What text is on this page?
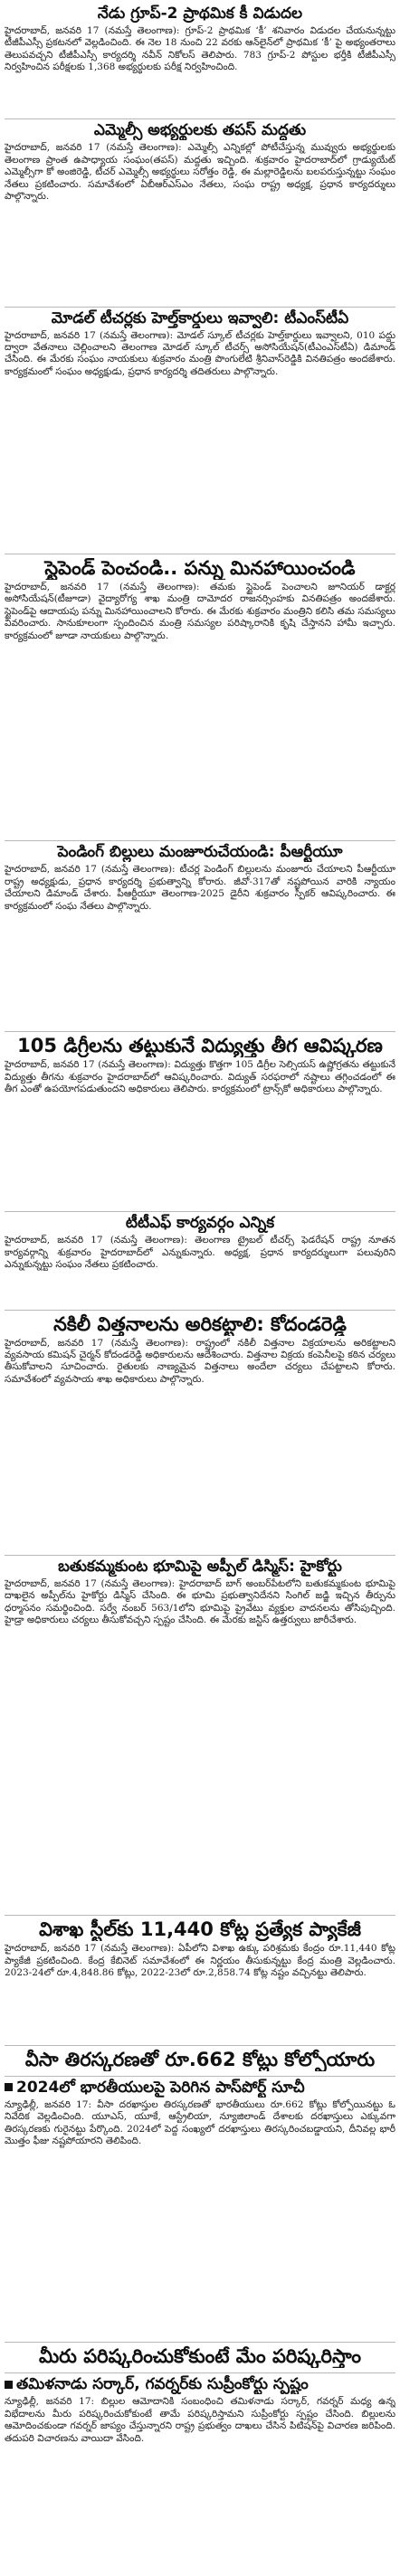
నేడు గ్రూప్‌-2 ప్రాథమిక కీ విడుదల

హైదరాబాద్‌, జనవరి 17 (నమస్తే తెలంగాణ): గ్రూప్‌-2 ప్రాథమిక ‘కీ’ శనివారం విడుదల చేయనున్నట్టు టీజీపీఎస్సీ ప్రకటనలో వెల్లడించింది. ఈ నెల 18 నుంచి 22 వరకు ఆన్‌లైన్‌లో ప్రాథమిక ‘కీ’ పై అభ్యంతరాలు తెలుపవచ్చని టీజీపీఎస్సీ కార్యదర్శి నవీన్‌ నికోలస్‌ తెలిపారు. 783 గ్రూప్‌-2 పోస్టుల భర్తీకి టీజీపీఎస్సీ నిర్వహించిన పరీక్షలకు 1,368 అభ్యర్థులకు పరీక్ష నిర్వహించింది.

ఎమ్మెల్సీ అభ్యర్థులకు తపస్‌ మద్దతు

హైదరాబాద్‌, జనవరి 17 (నమస్తే తెలంగాణ): ఎమ్మెల్సీ ఎన్నికల్లో పోటీచేస్తున్న మువ్వురు అభ్యర్థులకు తెలంగాణ ప్రాంత ఉపాధ్యాయ సంఘం(తపస్‌) మద్దతు ఇచ్చింది. శుక్రవారం హైదరాబాద్‌లో గ్రాడ్యుయేట్‌ ఎమ్మెల్సీగా కో అంజిరెడ్డి, టీచర్‌ ఎమ్మెల్సీ అభ్యర్థులు సరోత్తం రెడ్డి, ఈ మల్లారెడ్డిలను బలపరుస్తున్నట్టు సంఘం నేతలు ప్రకటించారు. సమావేశంలో ఏబీఆర్‌ఎస్‌ఎం నేతలు, సంఘ రాష్ట్ర అధ్యక్ష, ప్రధాన కార్యదర్శులు పాల్గొన్నారు.

మోడల్‌ టీచర్లకు హెల్త్‌కార్డులు ఇవ్వాలి: టీఎంస్‌టీఏ

హైదరాబాద్‌, జనవరి 17 (నమస్తే తెలంగాణ): మోడల్‌ స్కూల్‌ టీచర్లకు హెల్త్‌కార్డులు ఇవ్వాలని, 010 పద్దు ద్వారా వేతనాలు చెల్లించాలని తెలంగాణ మోడల్‌ స్కూల్‌ టీచర్స్‌ అసోసియేషన్‌(టీఎంఎస్‌టీఏ) డిమాండ్‌ చేసింది. ఈ మేరకు సంఘం నాయకులు శుక్రవారం మంత్రి పొంగులేటి శ్రీనివాస్‌రెడ్డికి వినతిపత్రం అందజేశారు. కార్యక్రమంలో సంఘం అధ్యక్షుడు, ప్రధాన కార్యదర్శి తదితరులు పాల్గొన్నారు.

స్టైపెండ్‌ పెంచండి.. పన్ను మినహాయించండి

హైదరాబాద్‌, జనవరి 17 (నమస్తే తెలంగాణ): తమకు స్టైపెండ్‌ పెంచాలని జూనియర్‌ డాక్టర్ల అసోసియేషన్‌(టీజూడా) వైద్యారోగ్య శాఖ మంత్రి దామోదర రాజనర్సింహకు వినతిపత్రం అందజేశారు. స్టైపెండ్‌పై ఆదాయపు పన్ను మినహాయించాలని కోరారు. ఈ మేరకు శుక్రవారం మంత్రిని కలిసి తమ సమస్యలు వివరించారు. సానుకూలంగా స్పందించిన మంత్రి సమస్యల పరిష్కారానికి కృషి చేస్తానని హామీ ఇచ్చారు. కార్యక్రమంలో జూడా నాయకులు పాల్గొన్నారు.

పెండింగ్‌ బిల్లులు మంజూరుచేయండి: పీఆర్టీయూ

హైదరాబాద్‌, జనవరి 17 (నమస్తే తెలంగాణ): టీచర్ల పెండింగ్‌ బిల్లులను మంజూరు చేయాలని పీఆర్టీయూ రాష్ట్ర అధ్యక్షుడు, ప్రధాన కార్యదర్శి ప్రభుత్వాన్ని కోరారు. జీవో-317తో నష్టపోయిన వారికి న్యాయం చేయాలని డిమాండ్‌ చేశారు. పీఆర్టీయూ తెలంగాణ-2025 డైరీని శుక్రవారం స్పీకర్‌ ఆవిష్కరించారు. ఈ కార్యక్రమంలో సంఘ నేతలు పాల్గొన్నారు.

105 డిగ్రీలను తట్టుకునే విద్యుత్తు తీగ ఆవిష్కరణ

హైదరాబాద్‌, జనవరి 17 (నమస్తే తెలంగాణ): విద్యుత్తు కొత్తగా 105 డిగ్రీల సెల్సియస్‌ ఉష్ణోగ్రతను తట్టుకునే విద్యుత్తు తీగను శుక్రవారం హైదరాబాద్‌లో ఆవిష్కరించారు. విద్యుత్‌ సరఫరాలో నష్టాలు తగ్గించడంలో ఈ తీగ ఎంతో ఉపయోగపడుతుందని అధికారులు తెలిపారు. కార్యక్రమంలో ట్రాన్స్‌కో అధికారులు పాల్గొన్నారు.

టీటీఎఫ్‌ కార్యవర్గం ఎన్నిక

హైదరాబాద్‌, జనవరి 17 (నమస్తే తెలంగాణ): తెలంగాణ ట్రైబల్‌ టీచర్స్‌ ఫెడరేషన్‌ రాష్ట్ర నూతన కార్యవర్గాన్ని శుక్రవారం హైదరాబాద్‌లో ఎన్నుకున్నారు. అధ్యక్ష, ప్రధాన కార్యదర్శులుగా పలువురిని ఎన్నుకున్నట్టు సంఘం నేతలు ప్రకటించారు.

నకిలీ విత్తనాలను అరికట్టాలి: కోదండరెడ్డి

హైదరాబాద్‌, జనవరి 17 (నమస్తే తెలంగాణ): రాష్ట్రంలో నకిలీ విత్తనాల విక్రయాలను అరికట్టాలని వ్యవసాయ కమిషన్‌ చైర్మన్‌ కోదండరెడ్డి అధికారులను ఆదేశించారు. విత్తనాల విక్రయ కంపెనీలపై కఠిన చర్యలు తీసుకోవాలని సూచించారు. రైతులకు నాణ్యమైన విత్తనాలు అందేలా చర్యలు చేపట్టాలని కోరారు. సమావేశంలో వ్యవసాయ శాఖ అధికారులు పాల్గొన్నారు.

బతుకమ్మకుంట భూమిపై అప్పీల్‌ డిస్మిస్‌: హైకోర్టు

హైదరాబాద్‌, జనవరి 17 (నమస్తే తెలంగాణ): హైదరాబాద్‌ బాగ్‌ అంబర్‌పేటలోని బతుకమ్మకుంట భూమిపై దాఖలైన అప్పీల్‌ను హైకోర్టు డిస్మిస్‌ చేసింది. ఈ భూమి ప్రభుత్వానిదేనని సింగిల్‌ జడ్జి ఇచ్చిన తీర్పును ధర్మాసనం సమర్థించింది. సర్వే నంబర్‌ 563/1లోని భూమిపై ప్రైవేటు వ్యక్తుల వాదనలను తోసిపుచ్చింది. హైడ్రా అధికారులు చర్యలు తీసుకోవచ్చని స్పష్టం చేసింది. ఈ మేరకు జస్టిస్‌ ఉత్తర్వులు జారీచేశారు.

విశాఖ స్టీల్‌కు 11,440 కోట్ల ప్రత్యేక ప్యాకేజీ

హైదరాబాద్‌, జనవరి 17 (నమస్తే తెలంగాణ): ఏపీలోని విశాఖ ఉక్కు పరిశ్రమకు కేంద్రం రూ.11,440 కోట్ల ప్యాకేజీ ప్రకటించింది. కేంద్ర కేబినెట్‌ సమావేశంలో ఈ నిర్ణయం తీసుకున్నట్టు కేంద్ర మంత్రి వెల్లడించారు. 2023-24లో రూ.4,848.86 కోట్లు, 2022-23లో రూ.2,858.74 కోట్ల నష్టం వచ్చినట్టు తెలిపారు.

వీసా తిరస్కరణతో రూ.662 కోట్లు కోల్పోయారు
2024లో భారతీయులపై పెరిగిన పాస్‌పోర్ట్‌ సూచీ

న్యూఢిల్లీ, జనవరి 17: వీసా దరఖాస్తుల తిరస్కరణతో భారతీయులు రూ.662 కోట్లు కోల్పోయినట్టు ఓ నివేదిక వెల్లడించింది. యూఎస్‌, యూకే, ఆస్ట్రేలియా, న్యూజిలాండ్‌ దేశాలకు దరఖాస్తులు ఎక్కువగా తిరస్కరణకు గురైనట్టు పేర్కొంది. 2024లో పెద్ద సంఖ్యలో దరఖాస్తులు తిరస్కరించబడ్డాయని, దీనివల్ల భారీ మొత్తం ఫీజు నష్టపోయారని తెలిపింది.

మీరు పరిష్కరించుకోకుంటే మేం పరిష్కరిస్తాం
తమిళనాడు సర్కార్‌, గవర్నర్‌కు సుప్రీంకోర్టు స్పష్టం

న్యూఢిల్లీ, జనవరి 17: బిల్లుల ఆమోదానికి సంబంధించి తమిళనాడు సర్కార్‌, గవర్నర్‌ మధ్య ఉన్న విభేదాలను మీరు పరిష్కరించుకోకుంటే తామే పరిష్కరిస్తామని సుప్రీంకోర్టు స్పష్టం చేసింది. బిల్లులను ఆమోదించకుండా గవర్నర్‌ జాప్యం చేస్తున్నారని రాష్ట్ర ప్రభుత్వం దాఖలు చేసిన పిటిషన్‌పై విచారణ జరిపింది. తదుపరి విచారణను వాయిదా వేసింది.
